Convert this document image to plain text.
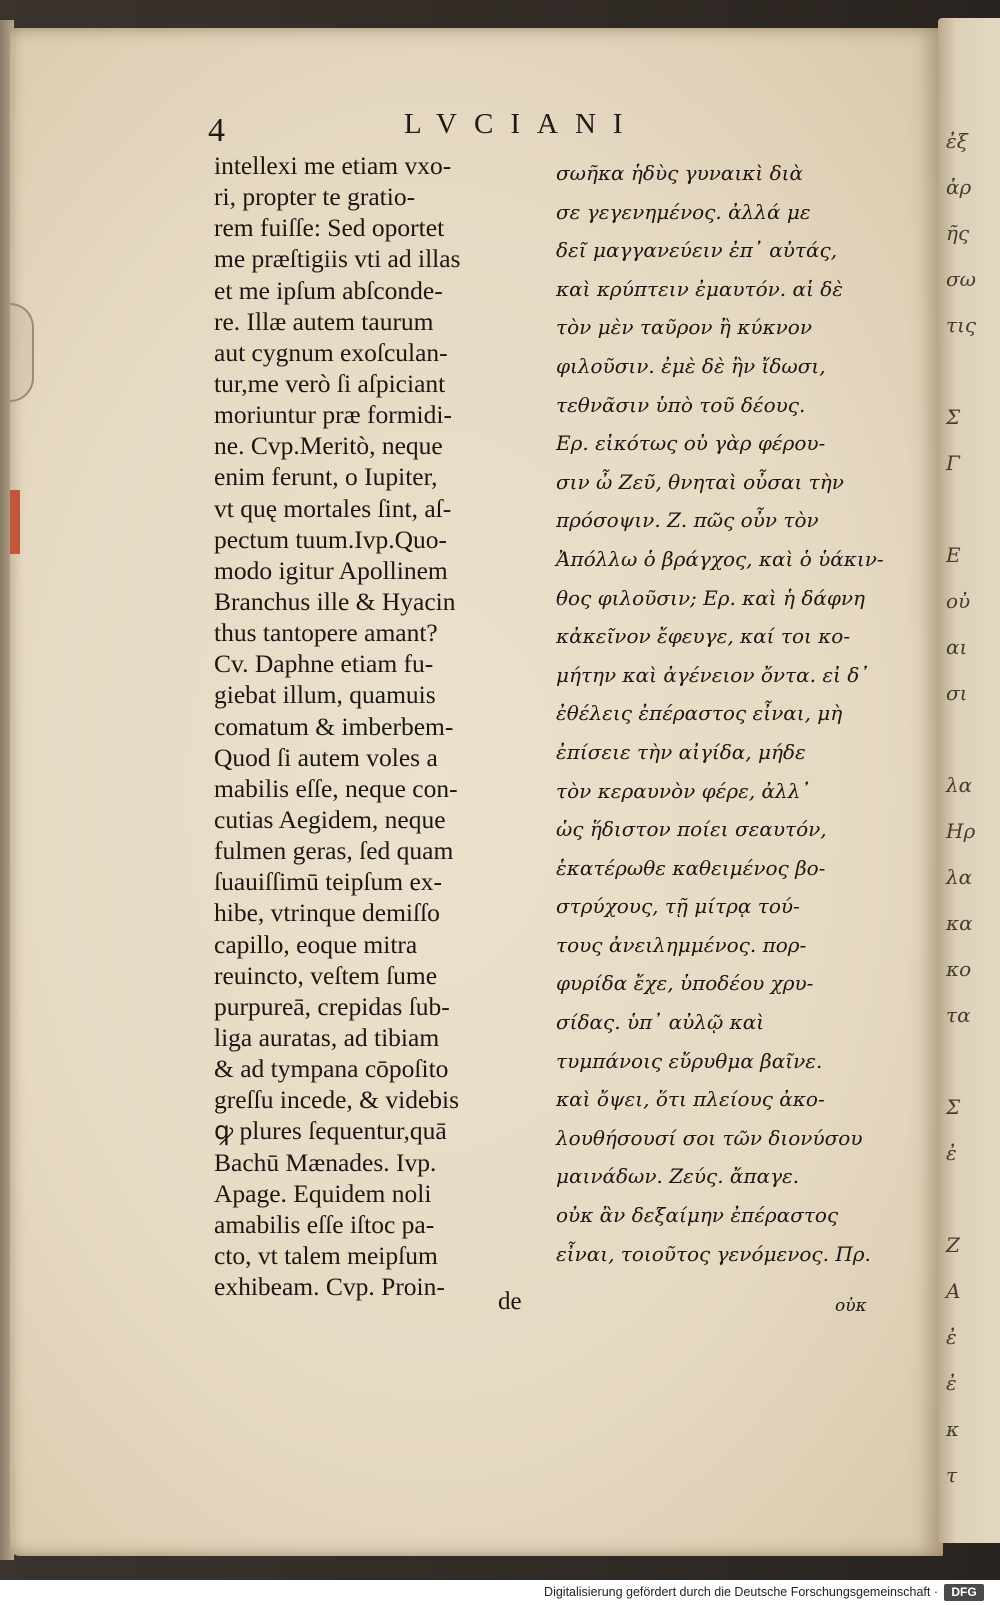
ἐξ
ἁρ
ῆς
σω
τις

Σ
Γ

Ε
οὐ
αι
σι

λα
Ηρ
λα
κα
κο
τα

Σ
ἐ

Ζ
Α
ἐ
ἐ
κ
τ
4	LVCIANI
intellexi me etiam vxo-
ri, propter te gratio-
rem fuiſſe: Sed oportet
me præſtigiis vti ad illas
et me ipſum abſconde-
re. Illæ autem taurum
aut cygnum exoſculan-
tur,me verò ſi aſpiciant
moriuntur præ formidi-
ne. Cvp.Meritò, neque
enim ferunt, o Iupiter,
vt quę mortales ſint, aſ-
pectum tuum.Ivp.Quo-
modo igitur Apollinem
Branchus ille & Hyacin
thus tantopere amant?
Cv. Daphne etiam fu-
giebat illum, quamuis
comatum & imberbem-
Quod ſi autem voles a
mabilis eſſe, neque con-
cutias Aegidem, neque
fulmen geras, ſed quam
ſuauiſſimū teipſum ex-
hibe, vtrinque demiſſo
capillo, eoque mitra
reuincto, veſtem ſume
purpureā, crepidas ſub-
liga auratas, ad tibiam
& ad tympana cōpoſito
greſſu incede, & videbis
ꝙ plures ſequentur,quā
Bachū Mænades. Ivp.
Apage. Equidem noli
amabilis eſſe iſtoc pa-
cto, vt talem meipſum
exhibeam. Cvp. Proin-
de
σωῆκα ἡδὺς γυναικὶ διὰ
σε γεγενημένος. ἀλλά με
δεῖ μαγγανεύειν ἐπ᾽ αὐτάς,
καὶ κρύπτειν ἐμαυτόν. αἱ δὲ
τὸν μὲν ταῦρον ἢ κύκνον
φιλοῦσιν. ἐμὲ δὲ ἢν ἴδωσι,
τεθνᾶσιν ὑπὸ τοῦ δέους.
Ερ. εἰκότως οὐ γὰρ φέρου-
σιν ὦ Ζεῦ, θνηταὶ οὖσαι τὴν
πρόσοψιν. Ζ. πῶς οὖν τὸν
Ἀπόλλω ὁ βράγχος, καὶ ὁ ὑάκιν-
θος φιλοῦσιν; Ερ. καὶ ἡ δάφνη
κἀκεῖνον ἔφευγε, καί τοι κο-
μήτην καὶ ἀγένειον ὄντα. εἰ δ᾽
ἐθέλεις ἐπέραστος εἶναι, μὴ
ἐπίσειε τὴν αἰγίδα, μήδε
τὸν κεραυνὸν φέρε, ἀλλ᾽
ὡς ἥδιστον ποίει σεαυτόν,
ἑκατέρωθε καθειμένος βο-
στρύχους, τῇ μίτρᾳ τού-
τους ἀνειλημμένος. πορ-
φυρίδα ἔχε, ὑποδέου χρυ-
σίδας. ὑπ᾽ αὐλῷ καὶ
τυμπάνοις εὔρυθμα βαῖνε.
καὶ ὄψει, ὅτι πλείους ἀκο-
λουθήσουσί σοι τῶν διονύσου
μαινάδων. Ζεύς. ἄπαγε.
οὐκ ἂν δεξαίμην ἐπέραστος
εἶναι, τοιοῦτος γενόμενος. Πρ.
οὐκ
Digitalisierung gefördert durch die Deutsche Forschungsgemeinschaft ·	DFG
